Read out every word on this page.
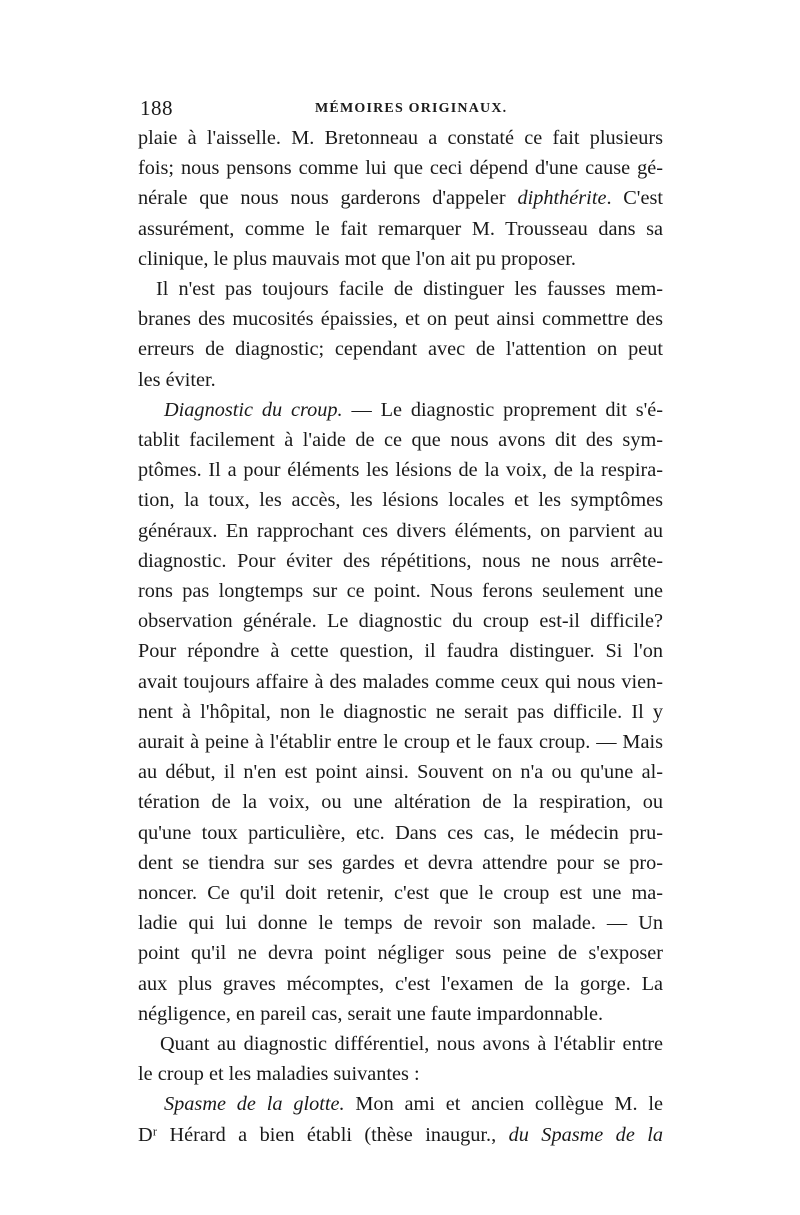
188	MÉMOIRES ORIGINAUX.
plaie à l'aisselle. M. Bretonneau a constaté ce fait plusieurs
fois; nous pensons comme lui que ceci dépend d'une cause gé-
nérale que nous nous garderons d'appeler diphthérite. C'est
assurément, comme le fait remarquer M. Trousseau dans sa
clinique, le plus mauvais mot que l'on ait pu proposer.
Il n'est pas toujours facile de distinguer les fausses mem-
branes des mucosités épaissies, et on peut ainsi commettre des
erreurs de diagnostic; cependant avec de l'attention on peut
les éviter.
Diagnostic du croup. — Le diagnostic proprement dit s'é-
tablit facilement à l'aide de ce que nous avons dit des sym-
ptômes. Il a pour éléments les lésions de la voix, de la respira-
tion, la toux, les accès, les lésions locales et les symptômes
généraux. En rapprochant ces divers éléments, on parvient au
diagnostic. Pour éviter des répétitions, nous ne nous arrête-
rons pas longtemps sur ce point. Nous ferons seulement une
observation générale. Le diagnostic du croup est-il difficile?
Pour répondre à cette question, il faudra distinguer. Si l'on
avait toujours affaire à des malades comme ceux qui nous vien-
nent à l'hôpital, non le diagnostic ne serait pas difficile. Il y
aurait à peine à l'établir entre le croup et le faux croup. — Mais
au début, il n'en est point ainsi. Souvent on n'a ou qu'une al-
tération de la voix, ou une altération de la respiration, ou
qu'une toux particulière, etc. Dans ces cas, le médecin pru-
dent se tiendra sur ses gardes et devra attendre pour se pro-
noncer. Ce qu'il doit retenir, c'est que le croup est une ma-
ladie qui lui donne le temps de revoir son malade. — Un
point qu'il ne devra point négliger sous peine de s'exposer
aux plus graves mécomptes, c'est l'examen de la gorge. La
négligence, en pareil cas, serait une faute impardonnable.
Quant au diagnostic différentiel, nous avons à l'établir entre
le croup et les maladies suivantes :
Spasme de la glotte. Mon ami et ancien collègue M. le
Dʳ Hérard a bien établi (thèse inaugur., du Spasme de la
